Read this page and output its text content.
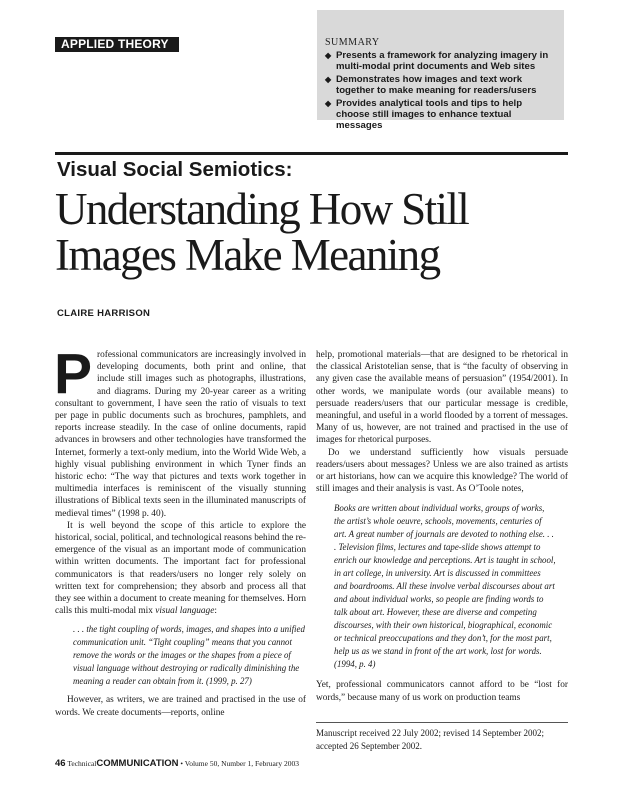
APPLIED THEORY	SUMMARY
◆ Presents a framework for analyzing imagery in multi-modal print documents and Web sites
◆ Demonstrates how images and text work together to make meaning for readers/users
◆ Provides analytical tools and tips to help choose still images to enhance textual messages
Visual Social Semiotics:
Understanding How Still Images Make Meaning
CLAIRE HARRISON

Professional communicators are increasingly involved in developing documents, both print and online, that include still images such as photographs, illustrations, and diagrams. During my 20-year career as a writing consultant to government, I have seen the ratio of visuals to text per page in public documents such as brochures, pamphlets, and reports increase steadily. In the case of online documents, rapid advances in browsers and other technologies have transformed the Internet, formerly a text-only medium, into the World Wide Web, a highly visual publishing environment in which Tyner finds an historic echo: “The way that pictures and texts work together in multimedia interfaces is reminiscent of the visually stunning illustrations of Biblical texts seen in the illuminated manuscripts of medieval times” (1998 p. 40).

It is well beyond the scope of this article to explore the historical, social, political, and technological reasons behind the re-emergence of the visual as an important mode of communication within written documents. The important fact for professional communicators is that readers/users no longer rely solely on written text for comprehension; they absorb and process all that they see within a document to create meaning for themselves. Horn calls this multi-modal mix visual language:

. . . the tight coupling of words, images, and shapes into a unified communication unit. “Tight coupling” means that you cannot remove the words or the images or the shapes from a piece of visual language without destroying or radically diminishing the meaning a reader can obtain from it. (1999, p. 27)

However, as writers, we are trained and practised in the use of words. We create documents—reports, online

help, promotional materials—that are designed to be rhetorical in the classical Aristotelian sense, that is “the faculty of observing in any given case the available means of persuasion” (1954/2001). In other words, we manipulate words (our available means) to persuade readers/users that our particular message is credible, meaningful, and useful in a world flooded by a torrent of messages. Many of us, however, are not trained and practised in the use of images for rhetorical purposes.

Do we understand sufficiently how visuals persuade readers/users about messages? Unless we are also trained as artists or art historians, how can we acquire this knowledge? The world of still images and their analysis is vast. As O’Toole notes,

Books are written about individual works, groups of works, the artist’s whole oeuvre, schools, movements, centuries of art. A great number of journals are devoted to nothing else. . . . Television films, lectures and tape-slide shows attempt to enrich our knowledge and perceptions. Art is taught in school, in art college, in university. Art is discussed in committees and boardrooms. All these involve verbal discourses about art and about individual works, so people are finding words to talk about art. However, these are diverse and competing discourses, with their own historical, biographical, economic or technical preoccupations and they don’t, for the most part, help us as we stand in front of the art work, lost for words. (1994, p. 4)

Yet, professional communicators cannot afford to be “lost for words,” because many of us work on production teams

Manuscript received 22 July 2002; revised 14 September 2002; accepted 26 September 2002.
46 TechnicalCOMMUNICATION • Volume 50, Number 1, February 2003
